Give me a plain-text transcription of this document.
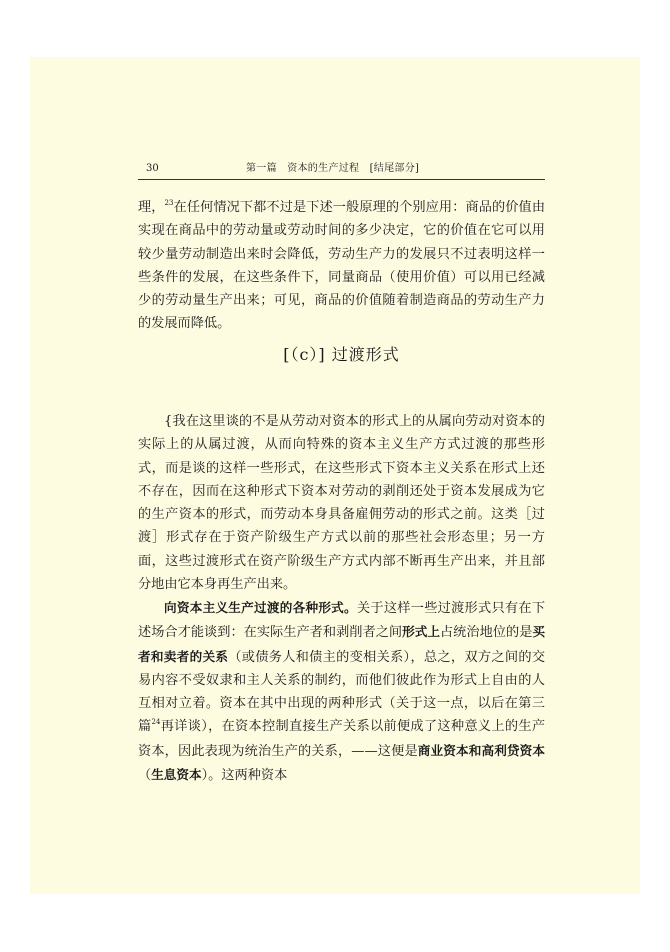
30	第一篇　资本的生产过程　[结尾部分]
理，$^{23}$在任何情况下都不过是下述一般原理的个别应用：商品的价值由实现在商品中的劳动量或劳动时间的多少决定，它的价值在它可以用较少量劳动制造出来时会降低，劳动生产力的发展只不过表明这样一些条件的发展，在这些条件下，同量商品（使用价值）可以用已经减少的劳动量生产出来；可见，商品的价值随着制造商品的劳动生产力的发展而降低。
[（c）] 过渡形式
{我在这里谈的不是从劳动对资本的形式上的从属向劳动对资本的实际上的从属过渡，从而向特殊的资本主义生产方式过渡的那些形式，而是谈的这样一些形式，在这些形式下资本主义关系在形式上还不存在，因而在这种形式下资本对劳动的剥削还处于资本发展成为它的生产资本的形式，而劳动本身具备雇佣劳动的形式之前。这类［过渡］形式存在于资产阶级生产方式以前的那些社会形态里；另一方面，这些过渡形式在资产阶级生产方式内部不断再生产出来，并且部分地由它本身再生产出来。
向资本主义生产过渡的各种形式。关于这样一些过渡形式只有在下述场合才能谈到：在实际生产者和剥削者之间形式上占统治地位的是买者和卖者的关系（或债务人和债主的变相关系），总之，双方之间的交易内容不受奴隶和主人关系的制约，而他们彼此作为形式上自由的人互相对立着。资本在其中出现的两种形式（关于这一点，以后在第三篇$^{24}$再详谈），在资本控制直接生产关系以前便成了这种意义上的生产资本，因此表现为统治生产的关系，——这便是商业资本和高利贷资本（生息资本）。这两种资本
